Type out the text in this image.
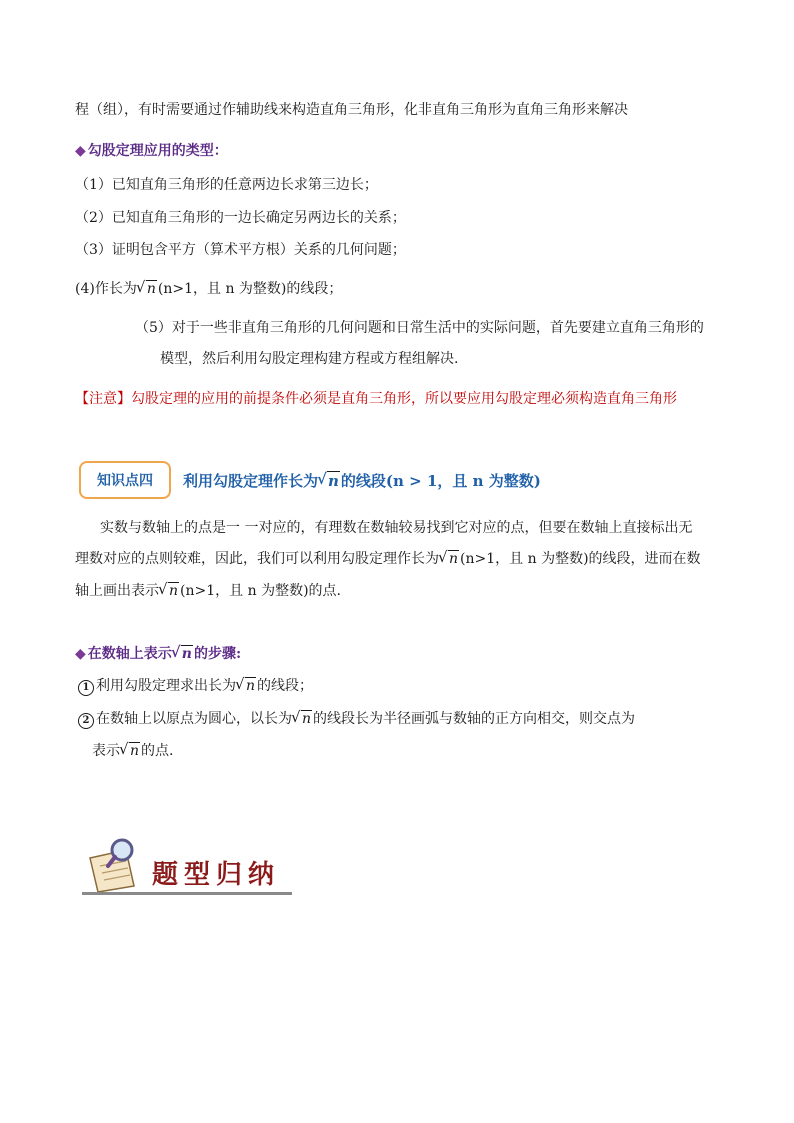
程（组），有时需要通过作辅助线来构造直角三角形，化非直角三角形为直角三角形来解决
◆ 勾股定理应用的类型：
（1）已知直角三角形的任意两边长求第三边长；
（2）已知直角三角形的一边长确定另两边长的关系；
（3）证明包含平方（算术平方根）关系的几何问题；
(4)作长为 √ n (n>1，且 n 为整数)的线段；
（5）对于一些非直角三角形的几何问题和日常生活中的实际问题，首先要建立直角三角形的
模型，然后利用勾股定理构建方程或方程组解决.
【注意】勾股定理的应用的前提条件必须是直角三角形，所以要应用勾股定理必须构造直角三角形
知识点四	利用勾股定理作长为 √ n 的线段(n > 1，且 n 为整数)
实数与数轴上的点是一 一对应的，有理数在数轴较易找到它对应的点，但要在数轴上直接标出无
理数对应的点则较难，因此，我们可以利用勾股定理作长为 √ n (n>1，且 n 为整数)的线段，进而在数
轴上画出表示 √ n (n>1，且 n 为整数)的点.
◆ 在数轴上表示 √ n 的步骤:
1 利用勾股定理求出长为 √ n 的线段；
2 在数轴上以原点为圆心，以长为 √ n 的线段长为半径画弧与数轴的正方向相交，则交点为
表示 √ n 的点.
题型归纳
